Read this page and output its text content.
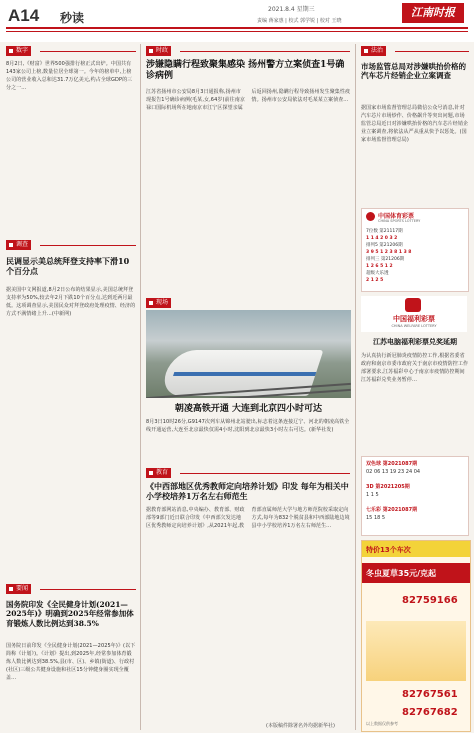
A14 秒读
2021.8.4 星期三
责编 蒋家惠 | 校式 郭学锐 | 校对 王晓
江南时报
数字
8月2日,《财富》世界500强排行榜正式出炉。中国共有143家公司上榜,数量位居全球第一。今年的榜单中,上榜公司的营业收入总和达31.7万亿美元,约占全球GDP的三分之一...
调查
民调显示美总统拜登支持率下滑10个百分点
据美国中文网报道,8月2日公布的结果显示,美国总统拜登支持率为50%,较去年2月下跌10个百分点,达到近两月最低。这项调查显示,美国民众对拜登政府处理疫情、经济的方式不满情绪上升...(中新网)
要闻
国务院印发《全民健身计划(2021—2025年)》明确到2025年经常参加体育锻炼人数比例达到38.5%
国务院日前印发《全民健身计划(2021—2025年)》(以下简称《计划》)。《计划》提出,到2025年,经常参加体育锻炼人数比例达到38.5%,县(市、区)、乡镇(街道)、行政村(社区)三级公共健身设施和社区15分钟健身圈实现全覆盖...
时政
涉嫌隐瞒行程致聚集感染 扬州警方立案侦查1号确诊病例
江苏省扬州市公安局8月3日通报称,扬州市现报告1号确诊病例(毛某,女,64岁)前往南京禄口国际机场所在地南京市江宁区探望亲属后返回扬州,隐瞒行程导致扬州发生聚集性疫情。扬州市公安局依法对毛某某立案侦查...
现场
朝凌高铁开通 大连到北京四小时可达
8月3日10时26分,G9147次列车从锦州北站驶出,标志着这条连接辽宁、河北的朝凌高铁全线开通运营,大连至北京最快仅需4小时,沈阳到北京最快3小时左右可达。(新华社发)
教育
《中西部地区优秀教师定向培养计划》印发 每年为相关中小学校培养1万名左右师范生
据教育部网站消息,中央编办、教育部、财政部等9部门近日联合印发《中西部欠发达地区优秀教师定向培养计划》,从2021年起,教育部直属师范大学与地方师范院校采取定向方式,每年为832个脱贫县和中西部陆地边境县中小学校培养1万名左右师范生...
法治
市场监管总局对涉嫌哄抬价格的汽车芯片经销企业立案调查
据国家市场监督管理总局微信公众号消息,针对汽车芯片市场炒作、价格飙升等突出问题,市场监管总局近日对涉嫌哄抬价格的汽车芯片经销企业立案调查,将依法从严从重从快予以惩处。(国家市场监督管理总局)
中国体育彩票
CHINA SPORTS LOTTERY
7位数 第21117期
1 1 4 2 0 3 2
排列5 第21206期
3 9 5 1 2 3 8 1 3 8
排列三 第21206期
1 2 6 5 1 2
超级大乐透
2 1 2 5
中国福利彩票
CHINA WELFARE LOTTERY
江苏电脑福利彩票兑奖延期
为认真执行新冠肺炎疫情防控工作,根据省委省政府和南京市委市政府关于南京市疫情防控工作部署要求,江苏福彩中心于南京市疫情防控期间江苏福彩兑奖业务暂停...
双色球 第2021087期
02 06 13 19 23 24 04
3D 第2021205期
1 1 5
七乐彩 第2021087期
15 18 5
特价13个车次
冬虫夏草35元/克起
82759166
82767561
82767682
以上数据仅供参考
(本版稿件除署名外均据新华社)
